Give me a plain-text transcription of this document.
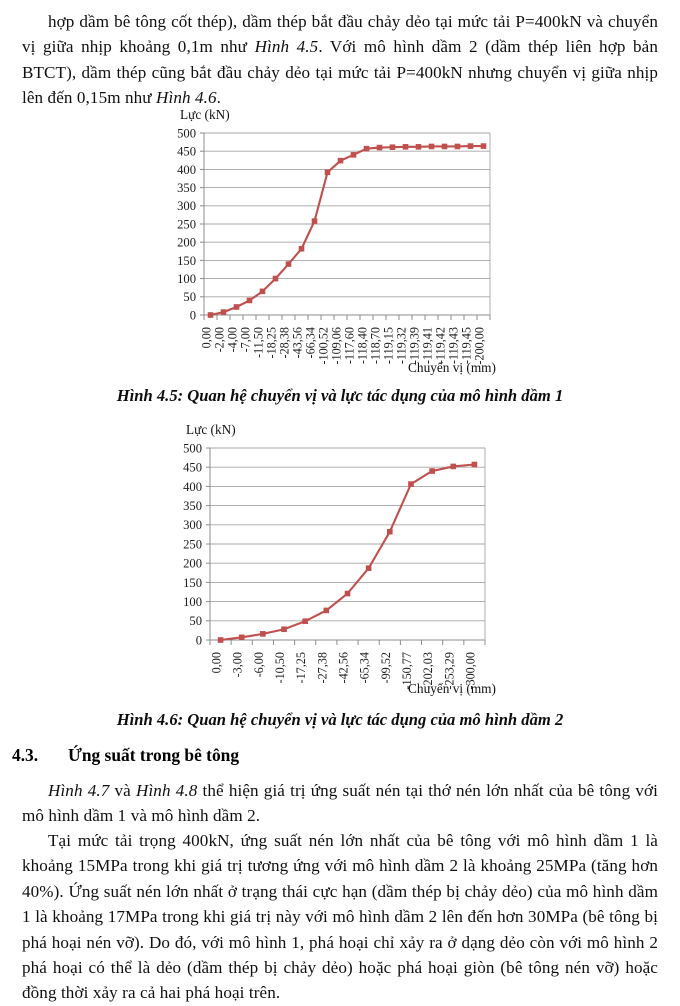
hợp dầm bê tông cốt thép), dầm thép bắt đầu chảy dẻo tại mức tải P=400kN và chuyển vị giữa nhịp khoảng 0,1m như Hình 4.5. Với mô hình dầm 2 (dầm thép liên hợp bản BTCT), dầm thép cũng bắt đầu chảy dẻo tại mức tải P=400kN nhưng chuyển vị giữa nhịp lên đến 0,15m như Hình 4.6.

Lực (kN)
0
50
100
150
200
250
300
350
400
450
500
0,00 -2,00 -4,00 -7,00 -11,50 -18,25 -28,38 -43,56 -66,34 -100,52 -109,06 -117,60 -118,40 -118,70 -119,15 -119,32 -119,39 -119,41 -119,42 -119,43 -119,45 -200,00
Chuyển vị (mm)
Hình 4.5: Quan hệ chuyển vị và lực tác dụng của mô hình dầm 1
Lực (kN)
0
50
100
150
200
250
300
350
400
450
500
0,00 -3,00 -6,00 -10,50 -17,25 -27,38 -42,56 -65,34 -99,52 -150,77 -202,03 -253,29 -300,00
Chuyển vị (mm)
Hình 4.6: Quan hệ chuyển vị và lực tác dụng của mô hình dầm 2
4.3. Ứng suất trong bê tông

Hình 4.7 và Hình 4.8 thể hiện giá trị ứng suất nén tại thớ nén lớn nhất của bê tông với mô hình dầm 1 và mô hình dầm 2.

Tại mức tải trọng 400kN, ứng suất nén lớn nhất của bê tông với mô hình dầm 1 là khoảng 15MPa trong khi giá trị tương ứng với mô hình dầm 2 là khoảng 25MPa (tăng hơn 40%). Ứng suất nén lớn nhất ở trạng thái cực hạn (dầm thép bị chảy dẻo) của mô hình dầm 1 là khoảng 17MPa trong khi giá trị này với mô hình dầm 2 lên đến hơn 30MPa (bê tông bị phá hoại nén vỡ). Do đó, với mô hình 1, phá hoại chỉ xảy ra ở dạng dẻo còn với mô hình 2 phá hoại có thể là dẻo (dầm thép bị chảy dẻo) hoặc phá hoại giòn (bê tông nén vỡ) hoặc đồng thời xảy ra cả hai phá hoại trên.
